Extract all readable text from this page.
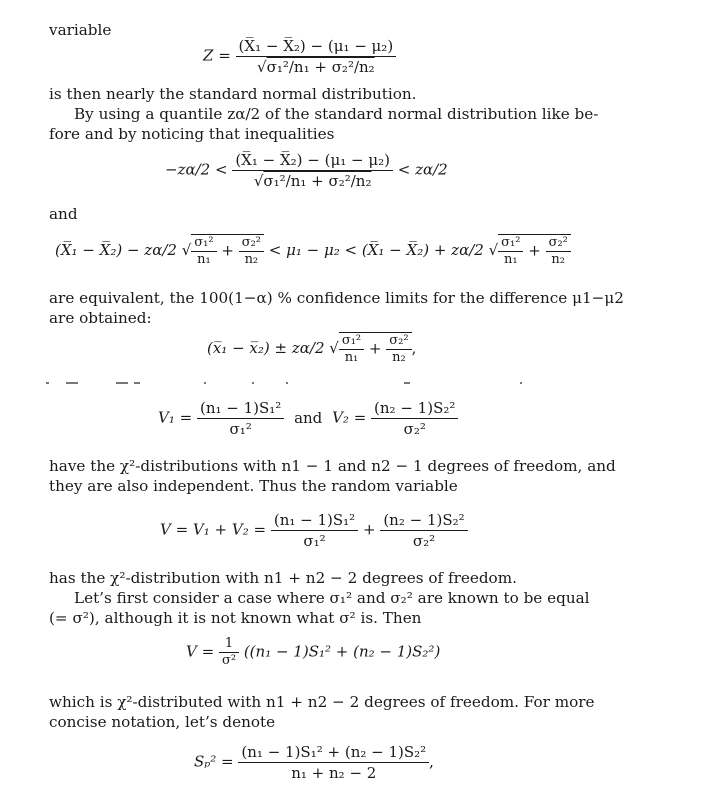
variable
$Z = \frac{\text{(X̅₁ − X̅₂) − (μ₁ − μ₂)}}{\text{√σ₁²/n₁ + σ₂²/n₂}}$
is then nearly the standard normal distribution.
By using a quantile zα/2 of the standard normal distribution like be-
fore and by noticing that inequalities
$-z\alpha/2 < \frac{\text{(X̅₁ − X̅₂) − (μ₁ − μ₂)}}{\text{√σ₁²/n₁ + σ₂²/n₂}} < z\alpha/2$
and
(X̅₁ − X̅₂) − zα/2 √ $\frac{\text{σ₁²}}{\text{n₁}} + \frac{\text{σ₂²}}{\text{n₂}} < \mu_1 - \mu_2$ < (X̅₁ − X̅₂) + zα/2 √ $\frac{\text{σ₁²}}{\text{n₁}} + \frac{\text{σ₂²}}{\text{n₂}}$
are equivalent, the 100(1−α) % confidence limits for the difference μ1−μ2
are obtained:
(x̅₁ − x̅₂) ± zα/2 √ $\frac{\text{σ₁²}}{\text{n₁}} + \frac{\text{σ₂²}}{\text{n₂}}$ ,
$V_1 = \frac{\text{(n₁ − 1)S₁²}}{\text{σ₁²}}$ and $V_2 = \frac{\text{(n₂ − 1)S₂²}}{\text{σ₂²}}$
have the χ²-distributions with n1 − 1 and n2 − 1 degrees of freedom, and
they are also independent. Thus the random variable
$V = V_1 + V_2 = \frac{\text{(n₁ − 1)S₁²}}{\text{σ₁²}} + \frac{\text{(n₂ − 1)S₂²}}{\text{σ₂²}}$
has the χ²-distribution with n1 + n2 − 2 degrees of freedom.
Let’s first consider a case where σ₁² and σ₂² are known to be equal
(= σ²), although it is not known what σ² is. Then
$V = \frac{1}{\text{σ²}} ((n_1 - 1)S_1^2 + (n_2 - 1)S_2^2)$
which is χ²-distributed with n1 + n2 − 2 degrees of freedom. For more
concise notation, let’s denote
$S_p^2 = \frac{\text{(n₁ − 1)S₁² + (n₂ − 1)S₂²}}{\text{n₁ + n₂ − 2}}$ ,
